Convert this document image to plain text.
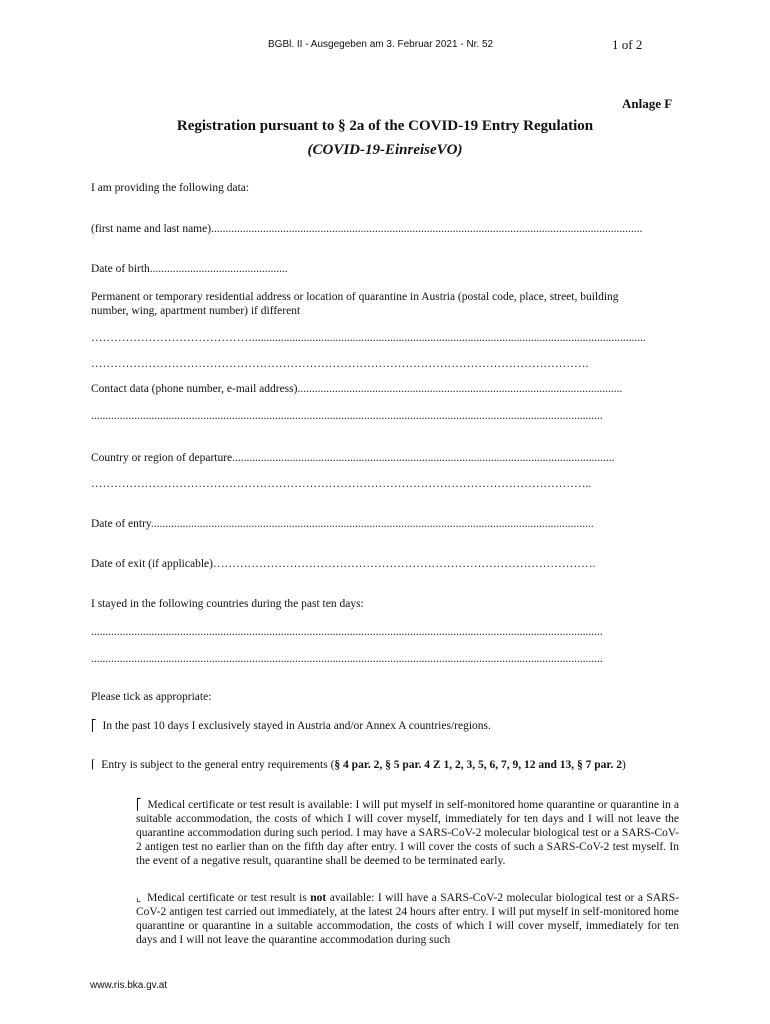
BGBl. II - Ausgegeben am 3. Februar 2021 - Nr. 52	1 of 2
Anlage F
Registration pursuant to § 2a of the COVID-19 Entry Regulation
(COVID-19-EinreiseVO)
I am providing the following data:
(first name and last name)......................................................................................................................................................
Date of birth................................................
Permanent or temporary residential address or location of quarantine in Austria (postal code, place, street, building number, wing, apartment number) if different
…………………………………….........................................................................................................................................
………………………………………………………………………………………………………………….
Contact data (phone number, e-mail address).................................................................................................................
..................................................................................................................................................................................
Country or region of departure.....................................................................................................................................
…………………………………………………………………………………………………………………..
Date of entry..........................................................................................................................................................
Date of exit (if applicable)……………………………………………………………………………………….
I stayed in the following countries during the past ten days:
..................................................................................................................................................................................
..................................................................................................................................................................................
Please tick as appropriate:
⎡ In the past 10 days I exclusively stayed in Austria and/or Annex A countries/regions.
⌈ Entry is subject to the general entry requirements (§ 4 par. 2, § 5 par. 4 Z 1, 2, 3, 5, 6, 7, 9, 12 and 13, § 7 par. 2)
⎡ Medical certificate or test result is available: I will put myself in self-monitored home quarantine or quarantine in a suitable accommodation, the costs of which I will cover myself, immediately for ten days and I will not leave the quarantine accommodation during such period. I may have a SARS-CoV-2 molecular biological test or a SARS-CoV-2 antigen test no earlier than on the fifth day after entry. I will cover the costs of such a SARS-CoV-2 test myself. In the event of a negative result, quarantine shall be deemed to be terminated early.
⌞ Medical certificate or test result is not available: I will have a SARS-CoV-2 molecular biological test or a SARS-CoV-2 antigen test carried out immediately, at the latest 24 hours after entry. I will put myself in self-monitored home quarantine or quarantine in a suitable accommodation, the costs of which I will cover myself, immediately for ten days and I will not leave the quarantine accommodation during such
www.ris.bka.gv.at
